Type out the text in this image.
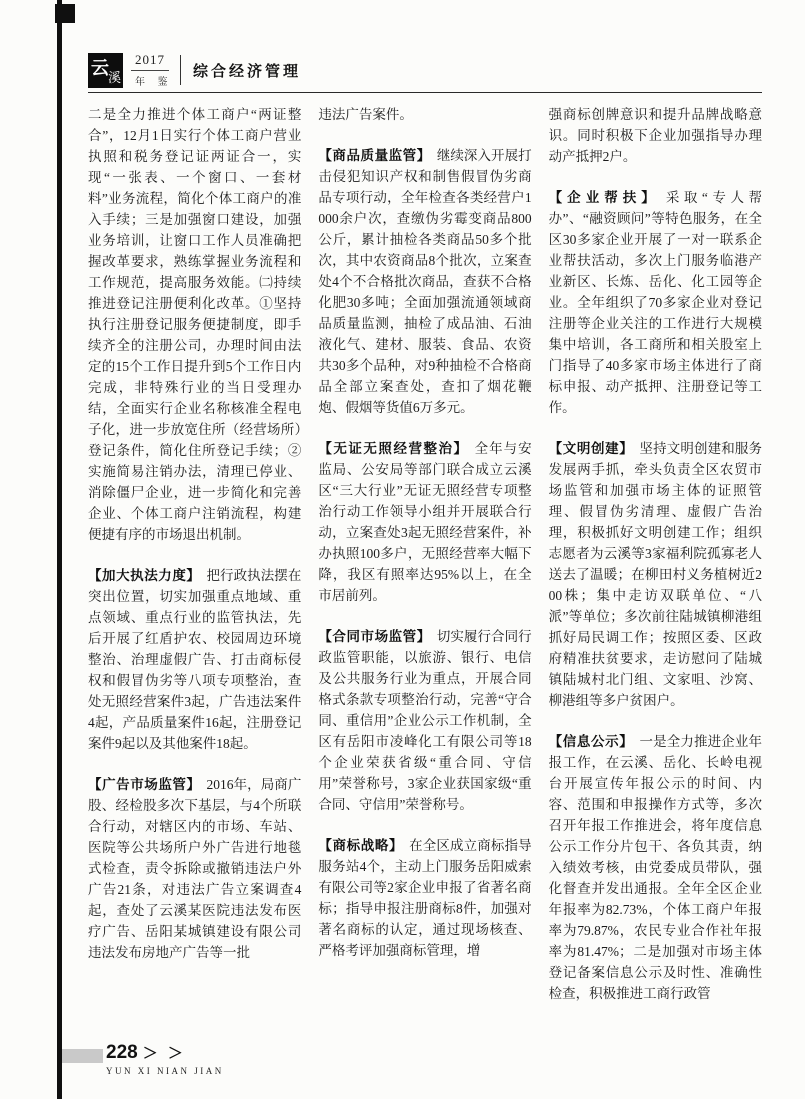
云
溪
2017
年 鉴
综合经济管理

二是全力推进个体工商户“两证整合”，12月1日实行个体工商户营业执照和税务登记证两证合一，实现“一张表、一个窗口、一套材料”业务流程，简化个体工商户的准入手续；三是加强窗口建设，加强业务培训，让窗口工作人员准确把握改革要求，熟练掌握业务流程和工作规范，提高服务效能。㈡持续推进登记注册便利化改革。①坚持执行注册登记服务便捷制度，即手续齐全的注册公司，办理时间由法定的15个工作日提升到5个工作日内完成，非特殊行业的当日受理办结，全面实行企业名称核准全程电子化，进一步放宽住所（经营场所）登记条件，简化住所登记手续；②实施简易注销办法，清理已停业、消除僵尸企业，进一步简化和完善企业、个体工商户注销流程，构建便捷有序的市场退出机制。

【加大执法力度】 把行政执法摆在突出位置，切实加强重点地域、重点领域、重点行业的监管执法，先后开展了红盾护农、校园周边环境整治、治理虚假广告、打击商标侵权和假冒伪劣等八项专项整治，查处无照经营案件3起，广告违法案件4起，产品质量案件16起，注册登记案件9起以及其他案件18起。

【广告市场监管】 2016年，局商广股、经检股多次下基层，与4个所联合行动，对辖区内的市场、车站、医院等公共场所户外广告进行地毯式检查，责令拆除或撤销违法户外广告21条，对违法广告立案调查4起，查处了云溪某医院违法发布医疗广告、岳阳某城镇建设有限公司违法发布房地产广告等一批

违法广告案件。

【商品质量监管】 继续深入开展打击侵犯知识产权和制售假冒伪劣商品专项行动，全年检查各类经营户1000余户次，查缴伪劣霉变商品800公斤，累计抽检各类商品50多个批次，其中农资商品8个批次，立案查处4个不合格批次商品，查获不合格化肥30多吨；全面加强流通领域商品质量监测，抽检了成品油、石油液化气、建材、服装、食品、农资共30多个品种，对9种抽检不合格商品全部立案查处，查扣了烟花鞭炮、假烟等货值6万多元。

【无证无照经营整治】 全年与安监局、公安局等部门联合成立云溪区“三大行业”无证无照经营专项整治行动工作领导小组并开展联合行动，立案查处3起无照经营案件，补办执照100多户，无照经营率大幅下降，我区有照率达95%以上，在全市居前列。

【合同市场监管】 切实履行合同行政监管职能，以旅游、银行、电信及公共服务行业为重点，开展合同格式条款专项整治行动，完善“守合同、重信用”企业公示工作机制，全区有岳阳市凌峰化工有限公司等18个企业荣获省级“重合同、守信用”荣誉称号，3家企业获国家级“重合同、守信用”荣誉称号。

【商标战略】 在全区成立商标指导服务站4个，主动上门服务岳阳威索有限公司等2家企业申报了省著名商标；指导申报注册商标8件，加强对著名商标的认定，通过现场核查、严格考评加强商标管理，增

强商标创牌意识和提升品牌战略意识。同时积极下企业加强指导办理动产抵押2户。

【企业帮扶】 采取“专人帮办”、“融资顾问”等特色服务，在全区30多家企业开展了一对一联系企业帮扶活动，多次上门服务临港产业新区、长炼、岳化、化工园等企业。全年组织了70多家企业对登记注册等企业关注的工作进行大规模集中培训，各工商所和相关股室上门指导了40多家市场主体进行了商标申报、动产抵押、注册登记等工作。

【文明创建】 坚持文明创建和服务发展两手抓，牵头负责全区农贸市场监管和加强市场主体的证照管理、假冒伪劣清理、虚假广告治理，积极抓好文明创建工作；组织志愿者为云溪等3家福利院孤寡老人送去了温暖；在柳田村义务植树近200株；集中走访双联单位、“八派”等单位；多次前往陆城镇柳港组抓好局民调工作；按照区委、区政府精准扶贫要求，走访慰问了陆城镇陆城村北门组、文家咀、沙窝、柳港组等多户贫困户。

【信息公示】 一是全力推进企业年报工作，在云溪、岳化、长岭电视台开展宣传年报公示的时间、内容、范围和申报操作方式等，多次召开年报工作推进会，将年度信息公示工作分片包干、各负其责，纳入绩效考核，由党委成员带队，强化督查并发出通报。全年全区企业年报率为82.73%，个体工商户年报率为79.87%，农民专业合作社年报率为81.47%；二是加强对市场主体登记备案信息公示及时性、准确性检查，积极推进工商行政管

228 ＞ ＞
YUN XI NIAN JIAN
